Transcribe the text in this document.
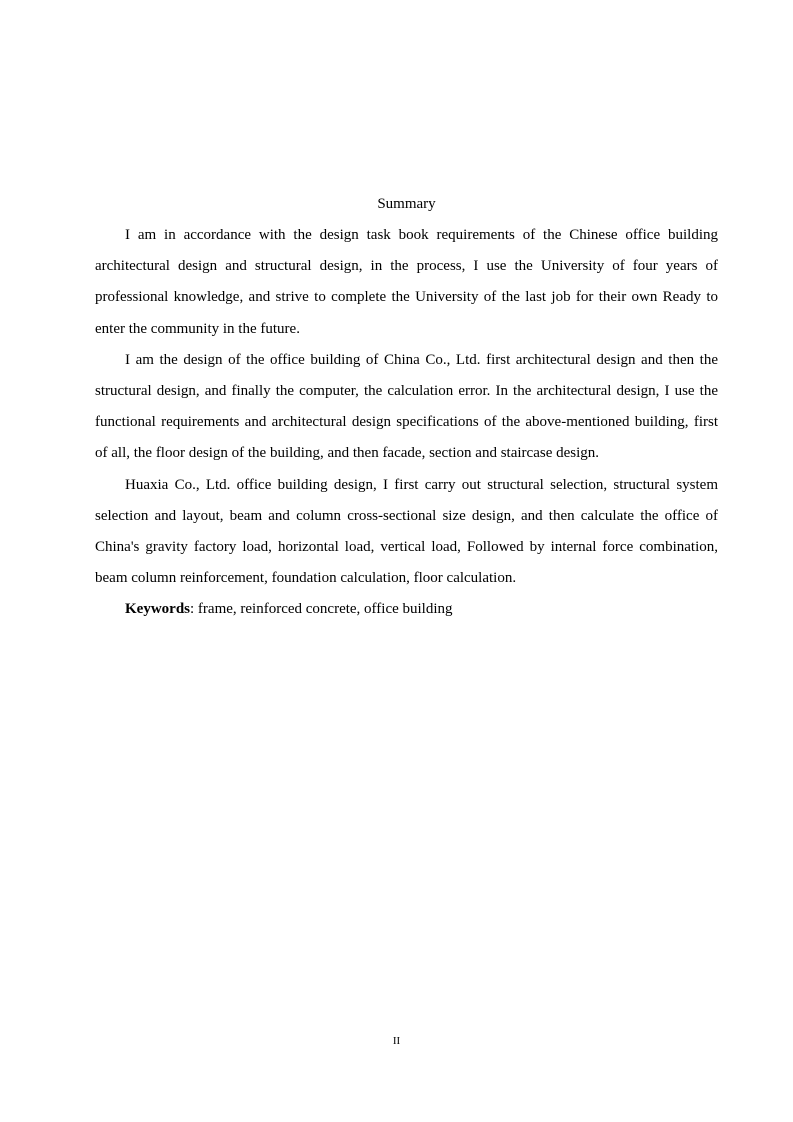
Summary

I am in accordance with the design task book requirements of the Chinese office building architectural design and structural design, in the process, I use the University of four years of professional knowledge, and strive to complete the University of the last job for their own Ready to enter the community in the future.

I am the design of the office building of China Co., Ltd. first architectural design and then the structural design, and finally the computer, the calculation error. In the architectural design, I use the functional requirements and architectural design specifications of the above-mentioned building, first of all, the floor design of the building, and then facade, section and staircase design.

Huaxia Co., Ltd. office building design, I first carry out structural selection, structural system selection and layout, beam and column cross-sectional size design, and then calculate the office of China's gravity factory load, horizontal load, vertical load, Followed by internal force combination, beam column reinforcement, foundation calculation, floor calculation.

Keywords: frame, reinforced concrete, office building

II
